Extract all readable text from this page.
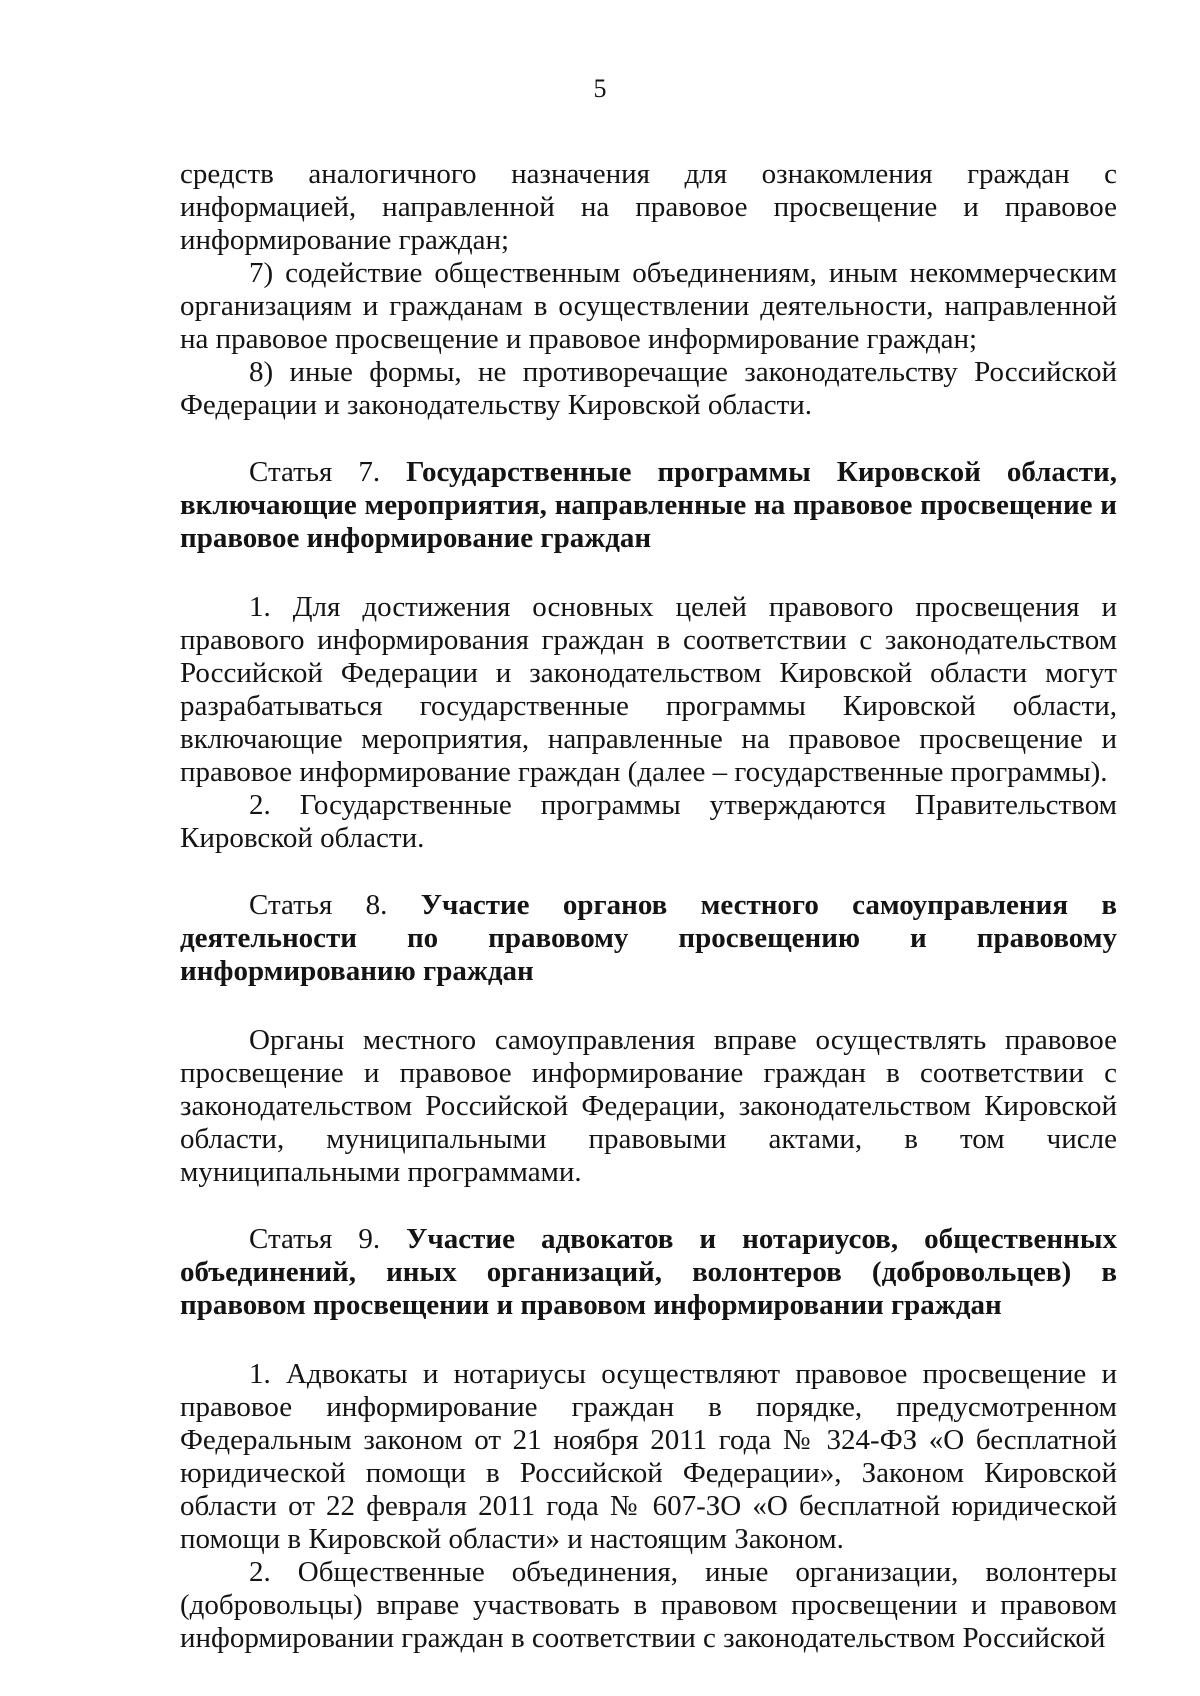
5

средств аналогичного назначения для ознакомления граждан с информацией, направленной на правовое просвещение и правовое информирование граждан;

7) содействие общественным объединениям, иным некоммерческим организациям и гражданам в осуществлении деятельности, направленной на правовое просвещение и правовое информирование граждан;

8) иные формы, не противоречащие законодательству Российской Федерации и законодательству Кировской области.

Статья 7. Государственные программы Кировской области, включающие мероприятия, направленные на правовое просвещение и правовое информирование граждан

1. Для достижения основных целей правового просвещения и правового информирования граждан в соответствии с законодательством Российской Федерации и законодательством Кировской области могут разрабатываться государственные программы Кировской области, включающие мероприятия, направленные на правовое просвещение и правовое информирование граждан (далее – государственные программы).

2. Государственные программы утверждаются Правительством Кировской области.

Статья 8. Участие органов местного самоуправления в деятельности по правовому просвещению и правовому информированию граждан

Органы местного самоуправления вправе осуществлять правовое просвещение и правовое информирование граждан в соответствии с законодательством Российской Федерации, законодательством Кировской области, муниципальными правовыми актами, в том числе муниципальными программами.

Статья 9. Участие адвокатов и нотариусов, общественных объединений, иных организаций, волонтеров (добровольцев) в правовом просвещении и правовом информировании граждан

1. Адвокаты и нотариусы осуществляют правовое просвещение и правовое информирование граждан в порядке, предусмотренном Федеральным законом от 21 ноября 2011 года № 324-ФЗ «О бесплатной юридической помощи в Российской Федерации», Законом Кировской области от 22 февраля 2011 года № 607-ЗО «О бесплатной юридической помощи в Кировской области» и настоящим Законом.

2. Общественные объединения, иные организации, волонтеры (добровольцы) вправе участвовать в правовом просвещении и правовом информировании граждан в соответствии с законодательством Российской
